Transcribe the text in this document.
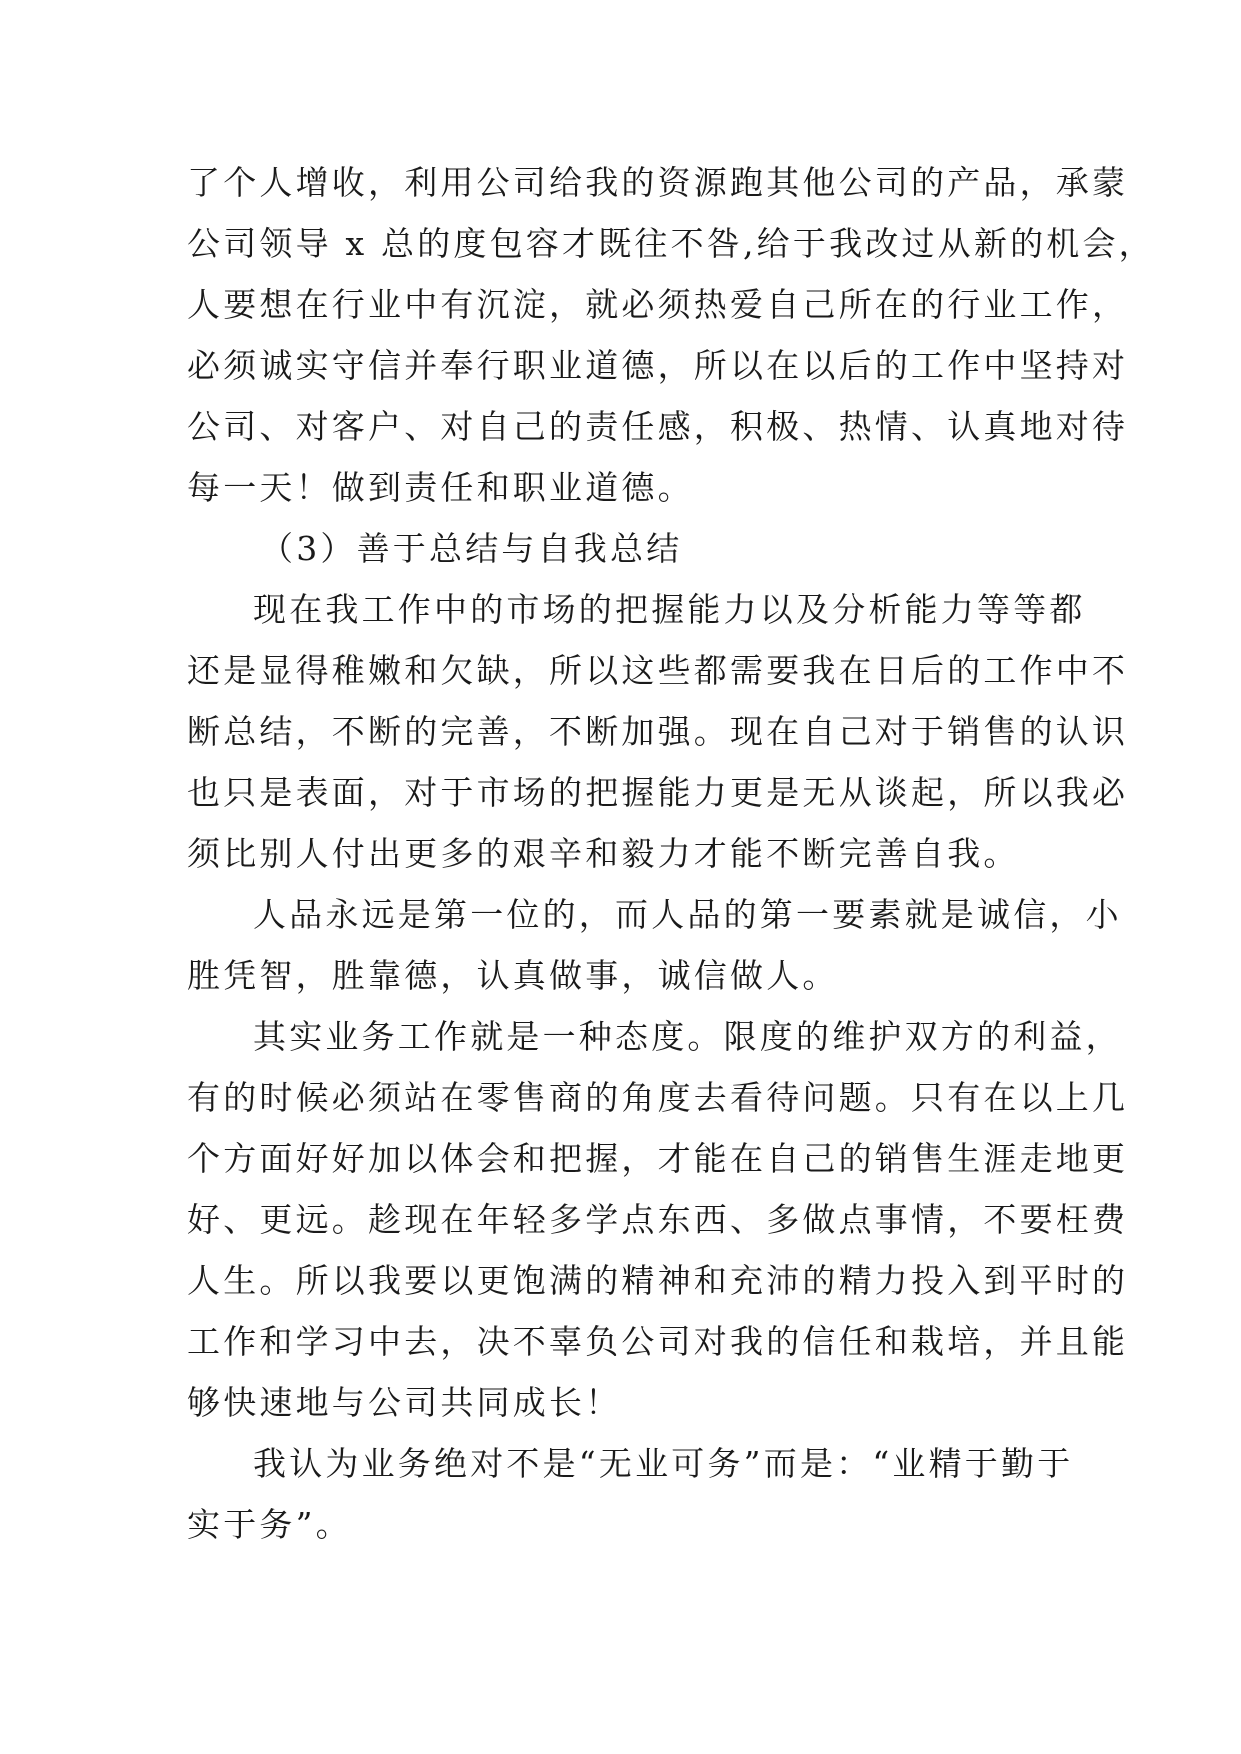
了个人增收，利用公司给我的资源跑其他公司的产品，承蒙
公司领导 x 总的度包容才既往不咎,给于我改过从新的机会，
人要想在行业中有沉淀，就必须热爱自己所在的行业工作，
必须诚实守信并奉行职业道德，所以在以后的工作中坚持对
公司、对客户、对自己的责任感，积极、热情、认真地对待
每一天！做到责任和职业道德。
（3）善于总结与自我总结
现在我工作中的市场的把握能力以及分析能力等等都
还是显得稚嫩和欠缺，所以这些都需要我在日后的工作中不
断总结，不断的完善，不断加强。现在自己对于销售的认识
也只是表面，对于市场的把握能力更是无从谈起，所以我必
须比别人付出更多的艰辛和毅力才能不断完善自我。
人品永远是第一位的，而人品的第一要素就是诚信，小
胜凭智，胜靠德，认真做事，诚信做人。
其实业务工作就是一种态度。限度的维护双方的利益，
有的时候必须站在零售商的角度去看待问题。只有在以上几
个方面好好加以体会和把握，才能在自己的销售生涯走地更
好、更远。趁现在年轻多学点东西、多做点事情，不要枉费
人生。所以我要以更饱满的精神和充沛的精力投入到平时的
工作和学习中去，决不辜负公司对我的信任和栽培，并且能
够快速地与公司共同成长！
我认为业务绝对不是“无业可务”而是：“业精于勤于
实于务”。
